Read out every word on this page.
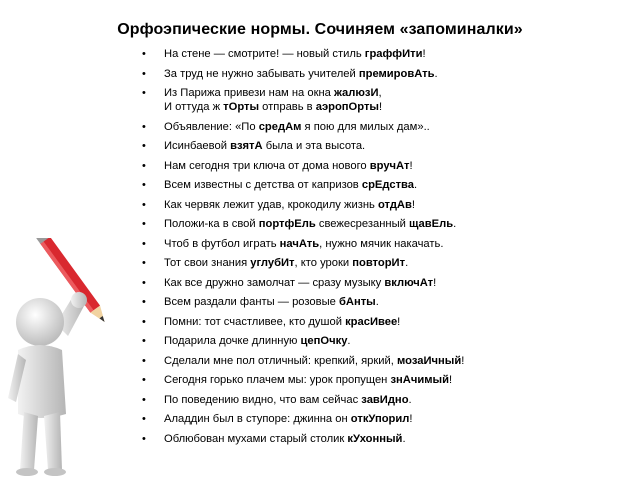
Орфоэпические нормы. Сочиняем «запоминалки»
• На стене — смотрите! — новый стиль граффИти!
• За труд не нужно забывать учителей премировАть.
• Из Парижа привези нам на окна жалюзИ,
И оттуда ж тОрты отправь в аэропОрты!
• Объявление: «По средАм я пою для милых дам»..
• Исинбаевой взятА была и эта высота.
• Нам сегодня три ключа от дома нового вручАт!
• Всем известны с детства от капризов срЕдства.
• Как червяк лежит удав, крокодилу жизнь отдАв!
• Положи-ка в свой портфЕль свежесрезанный щавЕль.
• Чтоб в футбол играть начАть, нужно мячик накачать.
• Тот свои знания углубИт, кто уроки повторИт.
• Как все дружно замолчат — сразу музыку включАт!
• Всем раздали фанты — розовые бАнты.
• Помни: тот счастливее, кто душой красИвее!
• Подарила дочке длинную цепОчку.
• Сделали мне пол отличный: крепкий, яркий, мозаИчный!
• Сегодня горько плачем мы: урок пропущен знАчимый!
• По поведению видно, что вам сейчас завИдно.
• Аладдин был в ступоре: джинна он откУпорил!
• Облюбован мухами старый столик кУхонный.
